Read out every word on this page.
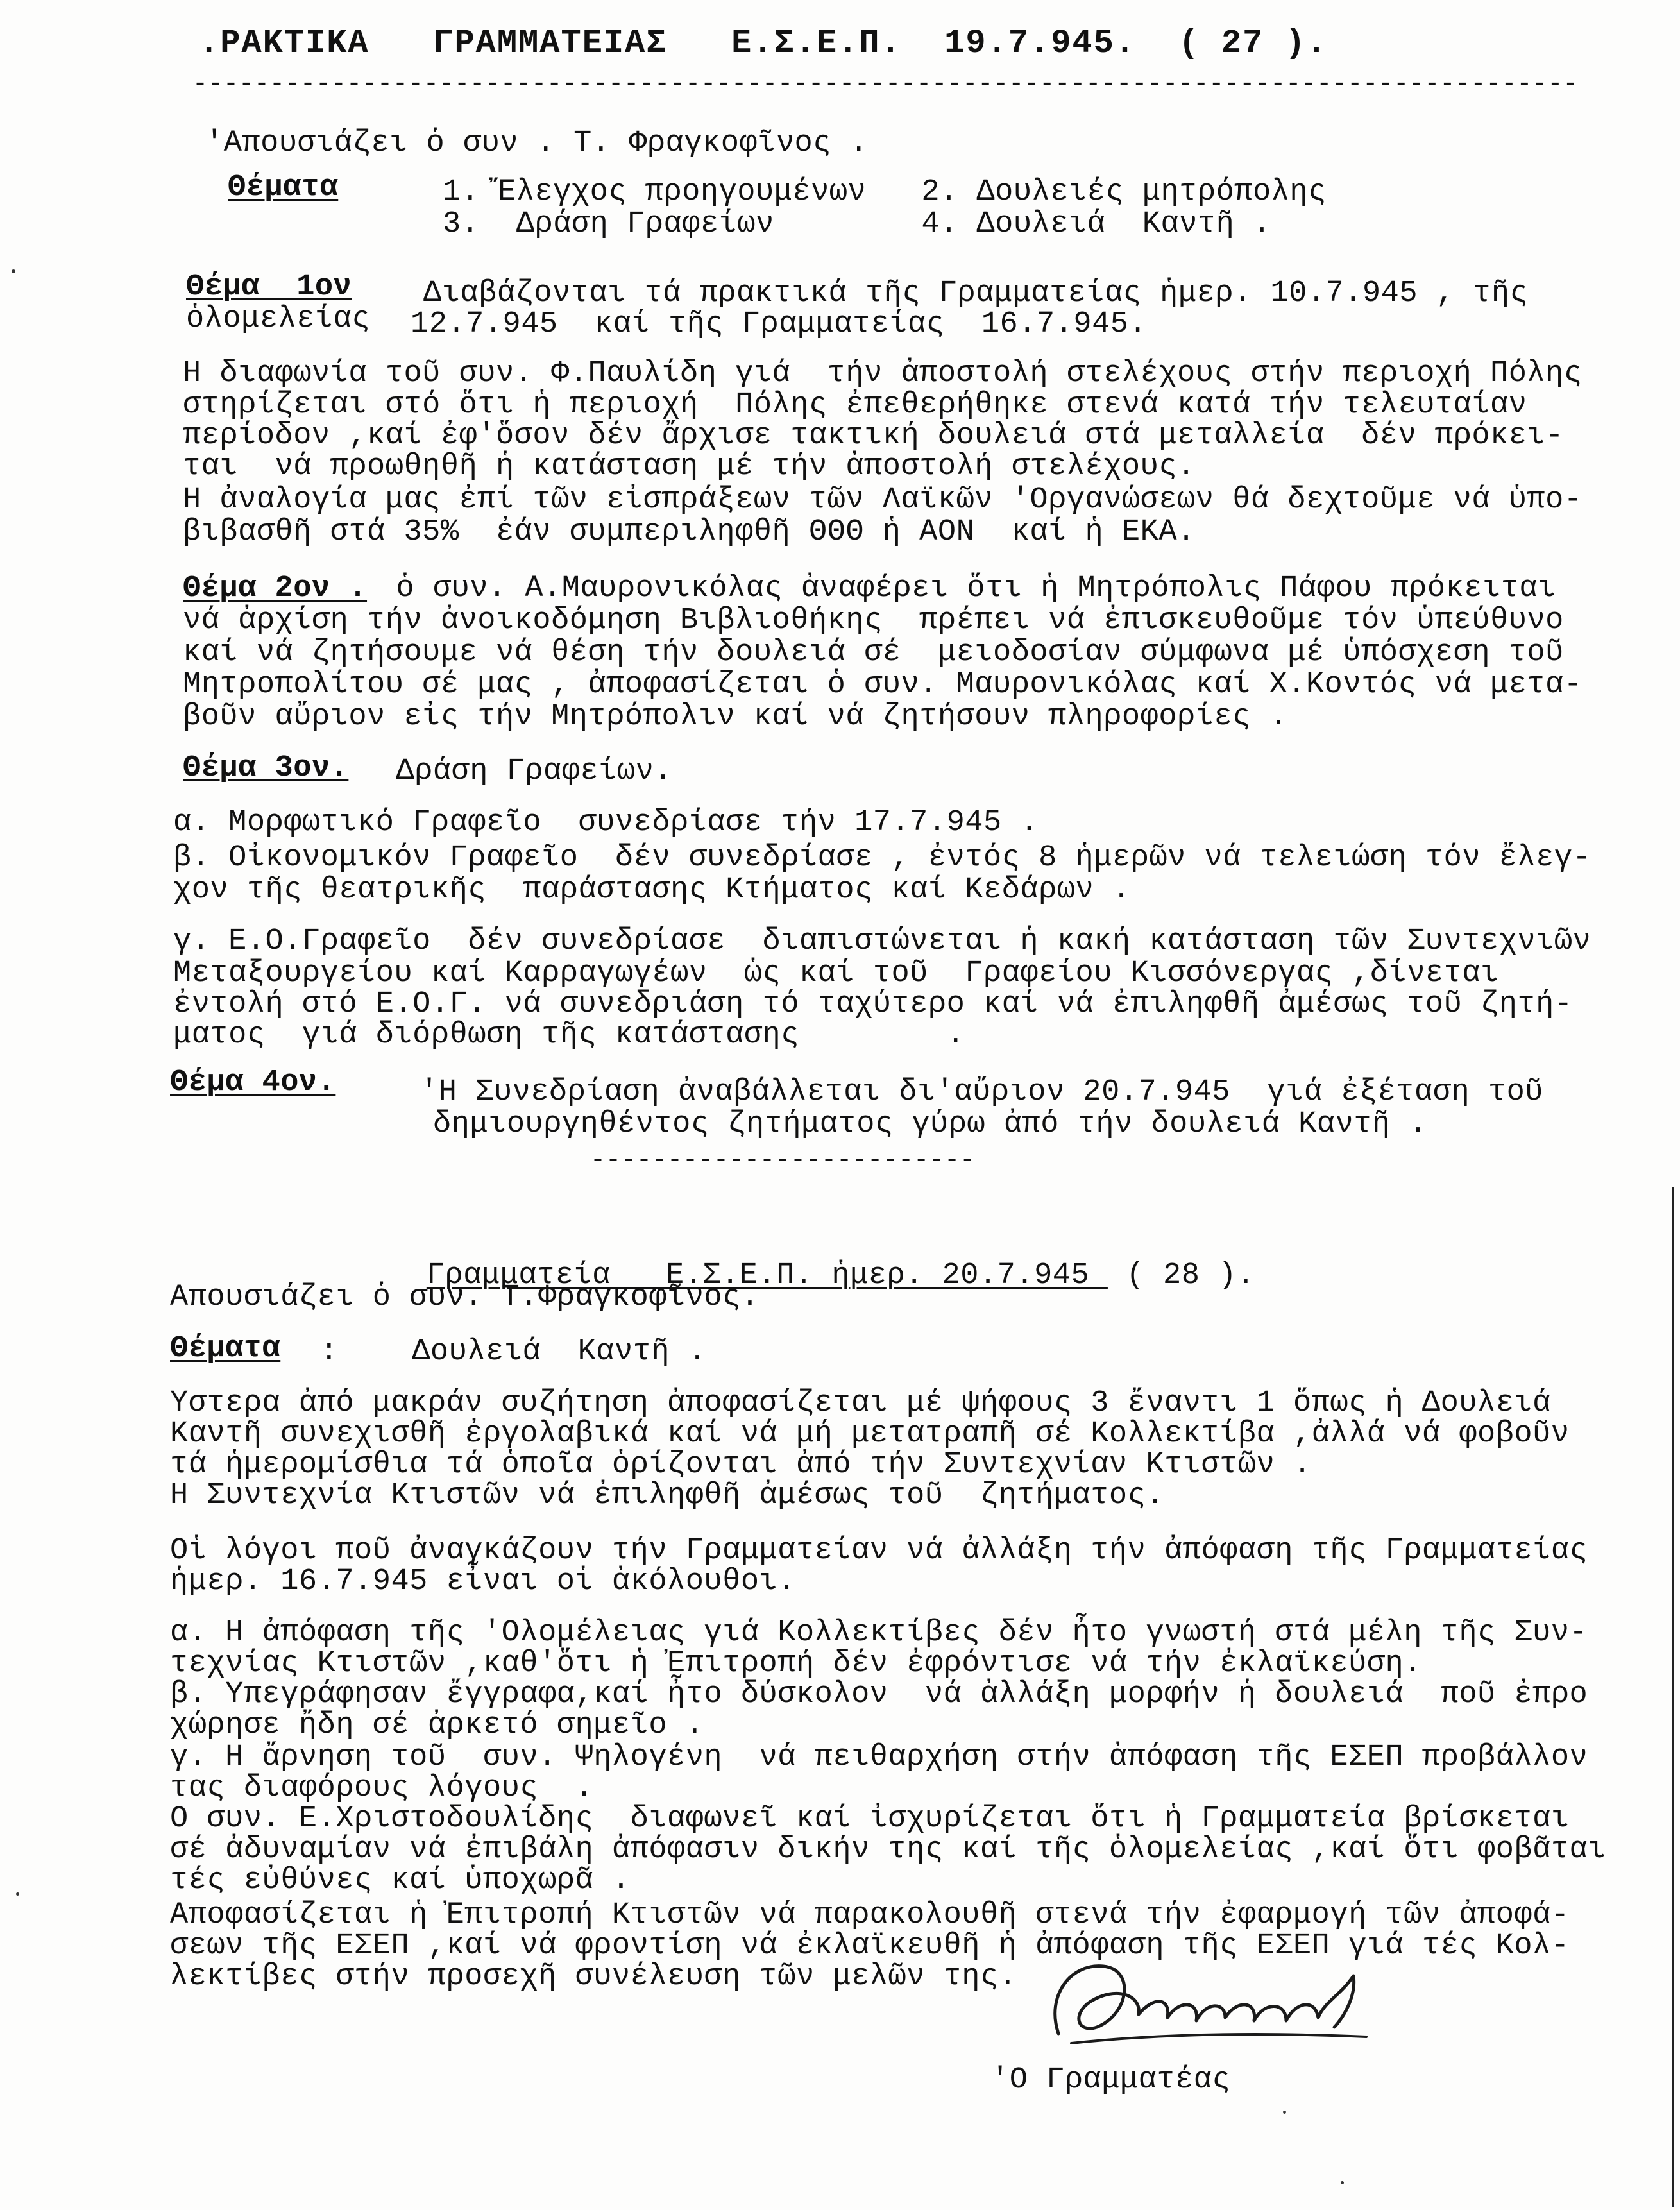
.ΡΑΚΤΙΚΑ   ΓΡΑΜΜΑΤΕΙΑΣ   Ε.Σ.Ε.Π.  19.7.945.  ( 27 ).
------------------------------------------------------------------------------------------
'Απουσιάζει ὁ συν . Τ. Φραγκοφῖνος .
Θέματα	1. Ἔλεγχος προηγουμένων   2. Δουλειές μητρόπολης
3.  Δράση Γραφείων        4. Δουλειά  Καντῆ .
Θέμα  1ον
ὁλομελείας
Διαβάζονται τά πρακτικά τῆς Γραμματείας ἡμερ. 10.7.945 , τῆς
12.7.945  καί τῆς Γραμματείας  16.7.945.
Η διαφωνία τοῦ συν. Φ.Παυλίδη γιά  τήν ἀποστολή στελέχους στήν περιοχή Πόλης
στηρίζεται στό ὅτι ἡ περιοχή  Πόλης ἐπεθερήθηκε στενά κατά τήν τελευταίαν
περίοδον ,καί ἐφ'ὅσον δέν ἄρχισε τακτική δουλειά στά μεταλλεία  δέν πρόκει-
ται  νά προωθηθῆ ἡ κατάσταση μέ τήν ἀποστολή στελέχους.
Η ἀναλογία μας ἐπί τῶν εἰσπράξεων τῶν Λαϊκῶν 'Οργανώσεων θά δεχτοῦμε νά ὑπο-
βιβασθῆ στά 35%  ἐάν συμπεριληφθῆ ΘΘΘ ἡ ΑΟΝ  καί ἡ ΕΚΑ.
Θέμα 2ον .
ὁ συν. Α.Μαυρονικόλας ἀναφέρει ὅτι ἡ Μητρόπολις Πάφου πρόκειται
νά ἀρχίση τήν ἀνοικοδόμηση Βιβλιοθήκης  πρέπει νά ἐπισκευθοῦμε τόν ὑπεύθυνο
καί νά ζητήσουμε νά θέση τήν δουλειά σέ  μειοδοσίαν σύμφωνα μέ ὑπόσχεση τοῦ
Μητροπολίτου σέ μας , ἀποφασίζεται ὁ συν. Μαυρονικόλας καί Χ.Κοντός νά μετα-
βοῦν αὔριον εἰς τήν Μητρόπολιν καί νά ζητήσουν πληροφορίες .
Θέμα 3ον. Δράση Γραφείων.
α. Μορφωτικό Γραφεῖο  συνεδρίασε τήν 17.7.945 .
β. Οἰκονομικόν Γραφεῖο  δέν συνεδρίασε , ἐντός 8 ἡμερῶν νά τελειώση τόν ἔλεγ-
χον τῆς θεατρικῆς  παράστασης Κτήματος καί Κεδάρων .
γ. Ε.Ο.Γραφεῖο  δέν συνεδρίασε  διαπιστώνεται ἡ κακή κατάσταση τῶν Συντεχνιῶν
Μεταξουργείου καί Καρραγωγέων  ὡς καί τοῦ  Γραφείου Κισσόνεργας ,δίνεται
ἐντολή στό Ε.Ο.Γ. νά συνεδριάση τό ταχύτερο καί νά ἐπιληφθῆ ἀμέσως τοῦ ζητή-
ματος  γιά διόρθωση τῆς κατάστασης        .
Θέμα 4ον.	'Η Συνεδρίαση ἀναβάλλεται δι'αὔριον 20.7.945  γιά ἐξέταση τοῦ
δημιουργηθέντος ζητήματος γύρω ἀπό τήν δουλειά Καντῆ .
-------------------------

Γραμματεία   Ε.Σ.Ε.Π. ἡμερ. 20.7.945  ( 28 ).

Απουσιάζει ὁ συν. Τ.Φραγκοφῖνος.
Θέματα :    Δουλειά  Καντῆ .
Υστερα ἀπό μακράν συζήτηση ἀποφασίζεται μέ ψήφους 3 ἔναντι 1 ὅπως ἡ Δουλειά
Καντῆ συνεχισθῆ ἐργολαβικά καί νά μή μετατραπῆ σέ Κολλεκτίβα ,ἀλλά νά φοβοῦν
τά ἡμερομίσθια τά ὁποῖα ὁρίζονται ἀπό τήν Συντεχνίαν Κτιστῶν .
Η Συντεχνία Κτιστῶν νά ἐπιληφθῆ ἀμέσως τοῦ  ζητήματος.
Οἱ λόγοι ποῦ ἀναγκάζουν τήν Γραμματείαν νά ἀλλάξη τήν ἀπόφαση τῆς Γραμματείας
ἡμερ. 16.7.945 εἶναι οἱ ἀκόλουθοι.
α. Η ἀπόφαση τῆς 'Ολομέλειας γιά Κολλεκτίβες δέν ἦτο γνωστή στά μέλη τῆς Συν-
τεχνίας Κτιστῶν ,καθ'ὅτι ἡ Ἐπιτροπή δέν ἐφρόντισε νά τήν ἐκλαϊκεύση.
β. Υπεγράφησαν ἔγγραφα,καί ἦτο δύσκολον  νά ἀλλάξη μορφήν ἡ δουλειά  ποῦ ἐπρο
χώρησε ἤδη σέ ἀρκετό σημεῖο .
γ. Η ἄρνηση τοῦ  συν. Ψηλογένη  νά πειθαρχήση στήν ἀπόφαση τῆς ΕΣΕΠ προβάλλον
τας διαφόρους λόγους  .
Ο συν. Ε.Χριστοδουλίδης  διαφωνεῖ καί ἰσχυρίζεται ὅτι ἡ Γραμματεία βρίσκεται
σέ ἀδυναμίαν νά ἐπιβάλη ἀπόφασιν δικήν της καί τῆς ὁλομελείας ,καί ὅτι φοβᾶται
τές εὐθύνες καί ὑποχωρᾶ .
Αποφασίζεται ἡ Ἐπιτροπή Κτιστῶν νά παρακολουθῆ στενά τήν ἐφαρμογή τῶν ἀποφά-
σεων τῆς ΕΣΕΠ ,καί νά φροντίση νά ἐκλαϊκευθῆ ἡ ἀπόφαση τῆς ΕΣΕΠ γιά τές Κολ-
λεκτίβες στήν προσεχῆ συνέλευση τῶν μελῶν της.
'Ο Γραμματέας
